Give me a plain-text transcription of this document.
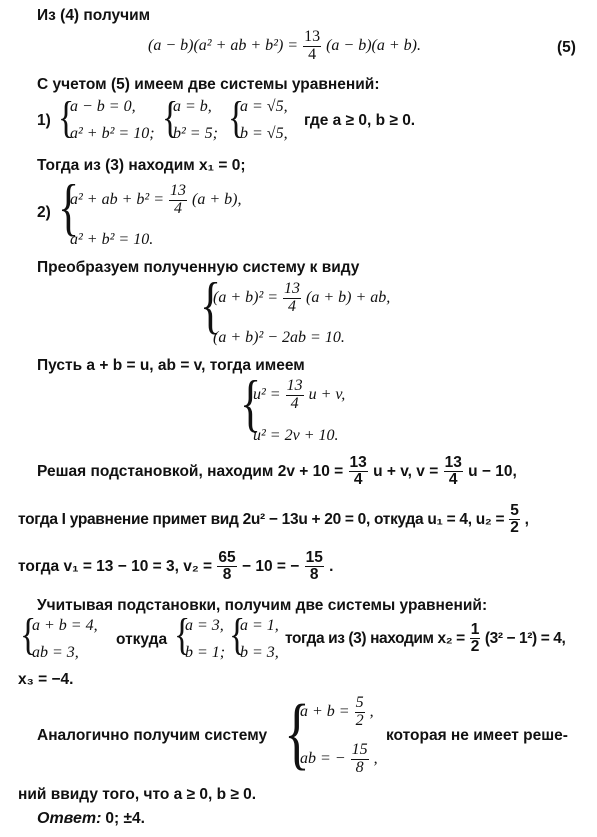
Из (4) получим
(a − b)(a² + ab + $b^2) = \frac{13}{4} (a - b)(a + b)$.	(5)
С учетом (5) имеем две системы уравнений:
1) {
a − b = 0,
a² + b² = 10; {
a = b,
b² = 5; {
a = √5,
b = √5,
где a ≥ 0, b ≥ 0.
Тогда из (3) находим x₁ = 0;
2) {
a² + ab + $b^2 = \frac{13}{4} (a + b)$,
a² + b² = 10.
Преобразуем полученную систему к виду
{
$(a + b)^2 = \frac{13}{4} (a + b)$ + ab,
(a + b)² − 2ab = 10.
Пусть a + b = u, ab = v, тогда имеем
{
$u^2 = \frac{13}{4}$ u + v,
u² = 2v + 10.
Решая подстановкой, находим $2v + 10 = \frac{13}{4}$ u + v, $v = \frac{13}{4}$ u − 10,
тогда I уравнение примет вид 2u² − 13u + 20 = 0, откуда u₁ = 4, $u_2 = \frac{5}{2}$ ,
тогда v₁ = 13 − 10 = 3, $v_2 = \frac{65}{8} - 10$ = − $\frac{15}{8}$ .
Учитывая подстановки, получим две системы уравнений:
{
a + b = 4,
ab = 3,
откуда {
a = 3,
b = 1; {
a = 1,
b = 3,
тогда из (3) находим $x_2 = \frac{1}{2} (3^2 - 1^2) = 4$,
x₃ = −4.
Аналогично получим систему {
$a + b = \frac{5}{2}$ ,
ab = − $\frac{15}{8}$ ,
которая не имеет реше-
ний ввиду того, что a ≥ 0, b ≥ 0.
Ответ: 0; ±4.
